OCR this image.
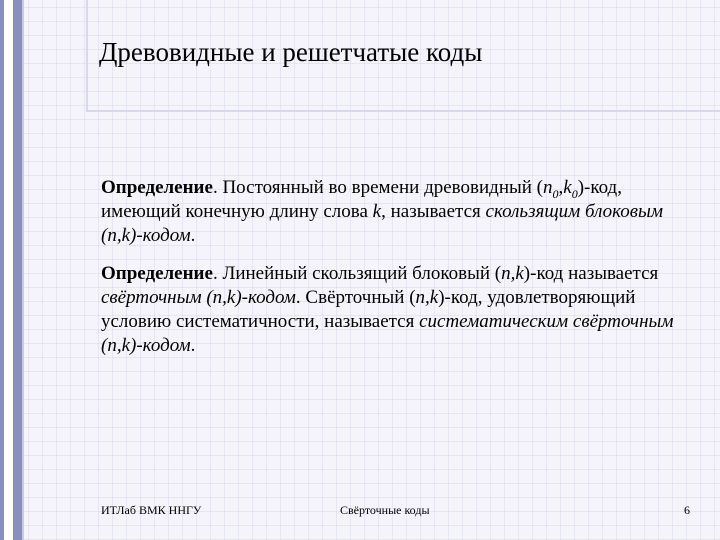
Древовидные и решетчатые коды

Определение. Постоянный во времени древовидный $(n_0,k_0)$-код, имеющий конечную длину слова k, называется скользящим блоковым (n,k)-кодом.

Определение. Линейный скользящий блоковый (n,k)-код называется свёрточным (n,k)-кодом. Свёрточный (n,k)-код, удовлетворяющий условию систематичности, называется систематическим свёрточным (n,k)-кодом.

ИТЛаб ВМК ННГУ	Свёрточные коды	6
